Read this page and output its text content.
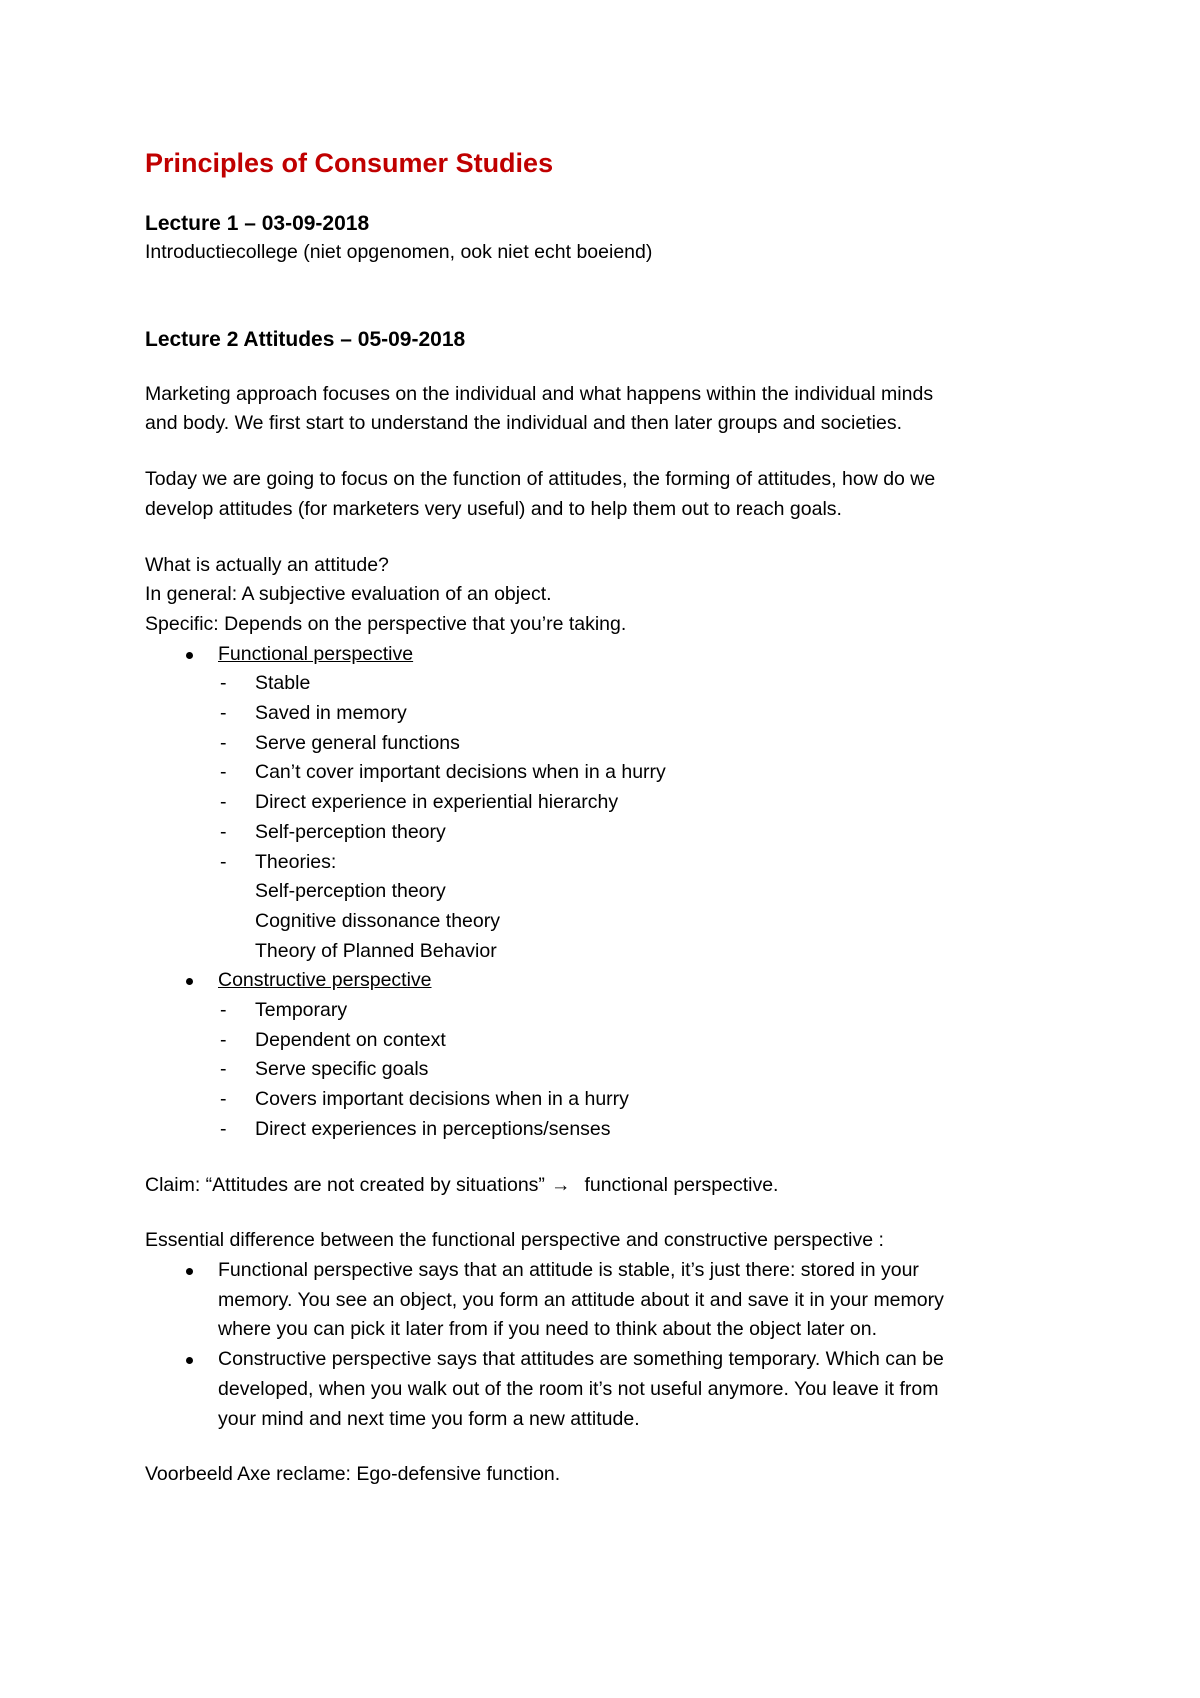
Principles of Consumer Studies
Lecture 1 – 03-09-2018

Introductiecollege (niet opgenomen, ook niet echt boeiend)

Lecture 2 Attitudes – 05-09-2018

Marketing approach focuses on the individual and what happens within the individual minds

and body. We first start to understand the individual and then later groups and societies.

Today we are going to focus on the function of attitudes, the forming of attitudes, how do we

develop attitudes (for marketers very useful) and to help them out to reach goals.

What is actually an attitude?

In general: A subjective evaluation of an object.

Specific: Depends on the perspective that you’re taking.

Functional perspective
- Stable
- Saved in memory
- Serve general functions
- Can’t cover important decisions when in a hurry
- Direct experience in experiential hierarchy
- Self-perception theory
- Theories:
Self-perception theory
Cognitive dissonance theory
Theory of Planned Behavior
Constructive perspective
- Temporary
- Dependent on context
- Serve specific goals
- Covers important decisions when in a hurry
- Direct experiences in perceptions/senses

Claim: “Attitudes are not created by situations” → functional perspective.

Essential difference between the functional perspective and constructive perspective :

Functional perspective says that an attitude is stable, it’s just there: stored in your
memory. You see an object, you form an attitude about it and save it in your memory
where you can pick it later from if you need to think about the object later on.
Constructive perspective says that attitudes are something temporary. Which can be
developed, when you walk out of the room it’s not useful anymore. You leave it from
your mind and next time you form a new attitude.

Voorbeeld Axe reclame: Ego-defensive function.
